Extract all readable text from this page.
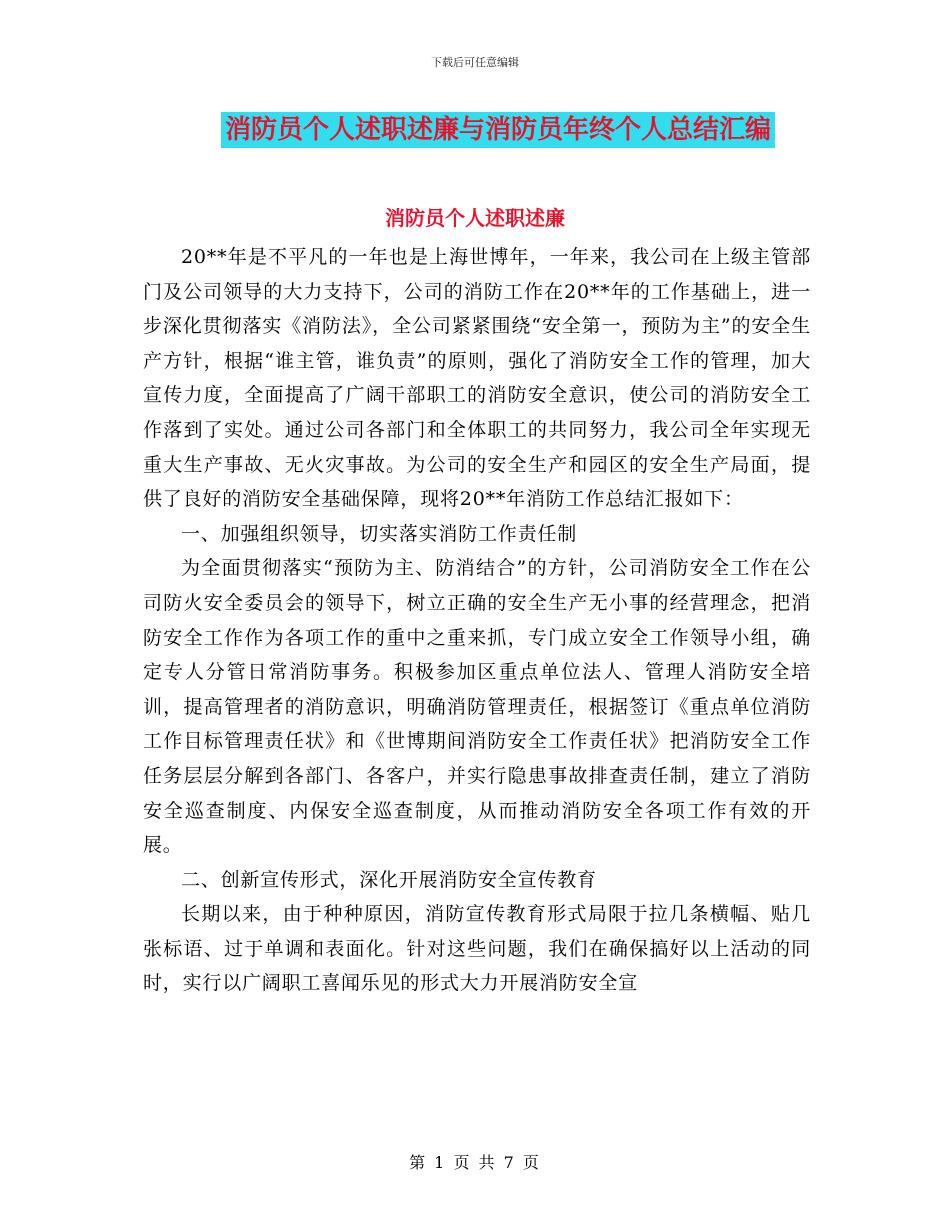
下载后可任意编辑
消防员个人述职述廉与消防员年终个人总结汇编
消防员个人述职述廉

20**年是不平凡的一年也是上海世博年，一年来，我公司在上级主管部门及公司领导的大力支持下，公司的消防工作在20**年的工作基础上，进一步深化贯彻落实《消防法》，全公司紧紧围绕“安全第一，预防为主”的安全生产方针，根据“谁主管，谁负责”的原则，强化了消防安全工作的管理，加大宣传力度，全面提高了广阔干部职工的消防安全意识，使公司的消防安全工作落到了实处。通过公司各部门和全体职工的共同努力，我公司全年实现无重大生产事故、无火灾事故。为公司的安全生产和园区的安全生产局面，提供了良好的消防安全基础保障，现将20**年消防工作总结汇报如下：

一、加强组织领导，切实落实消防工作责任制

为全面贯彻落实“预防为主、防消结合”的方针，公司消防安全工作在公司防火安全委员会的领导下，树立正确的安全生产无小事的经营理念，把消防安全工作作为各项工作的重中之重来抓，专门成立安全工作领导小组，确定专人分管日常消防事务。积极参加区重点单位法人、管理人消防安全培训，提高管理者的消防意识，明确消防管理责任，根据签订《重点单位消防工作目标管理责任状》和《世博期间消防安全工作责任状》把消防安全工作任务层层分解到各部门、各客户，并实行隐患事故排查责任制，建立了消防安全巡查制度、内保安全巡查制度，从而推动消防安全各项工作有效的开展。

二、创新宣传形式，深化开展消防安全宣传教育

长期以来，由于种种原因，消防宣传教育形式局限于拉几条横幅、贴几张标语、过于单调和表面化。针对这些问题，我们在确保搞好以上活动的同时，实行以广阔职工喜闻乐见的形式大力开展消防安全宣

第 1 页 共 7 页
